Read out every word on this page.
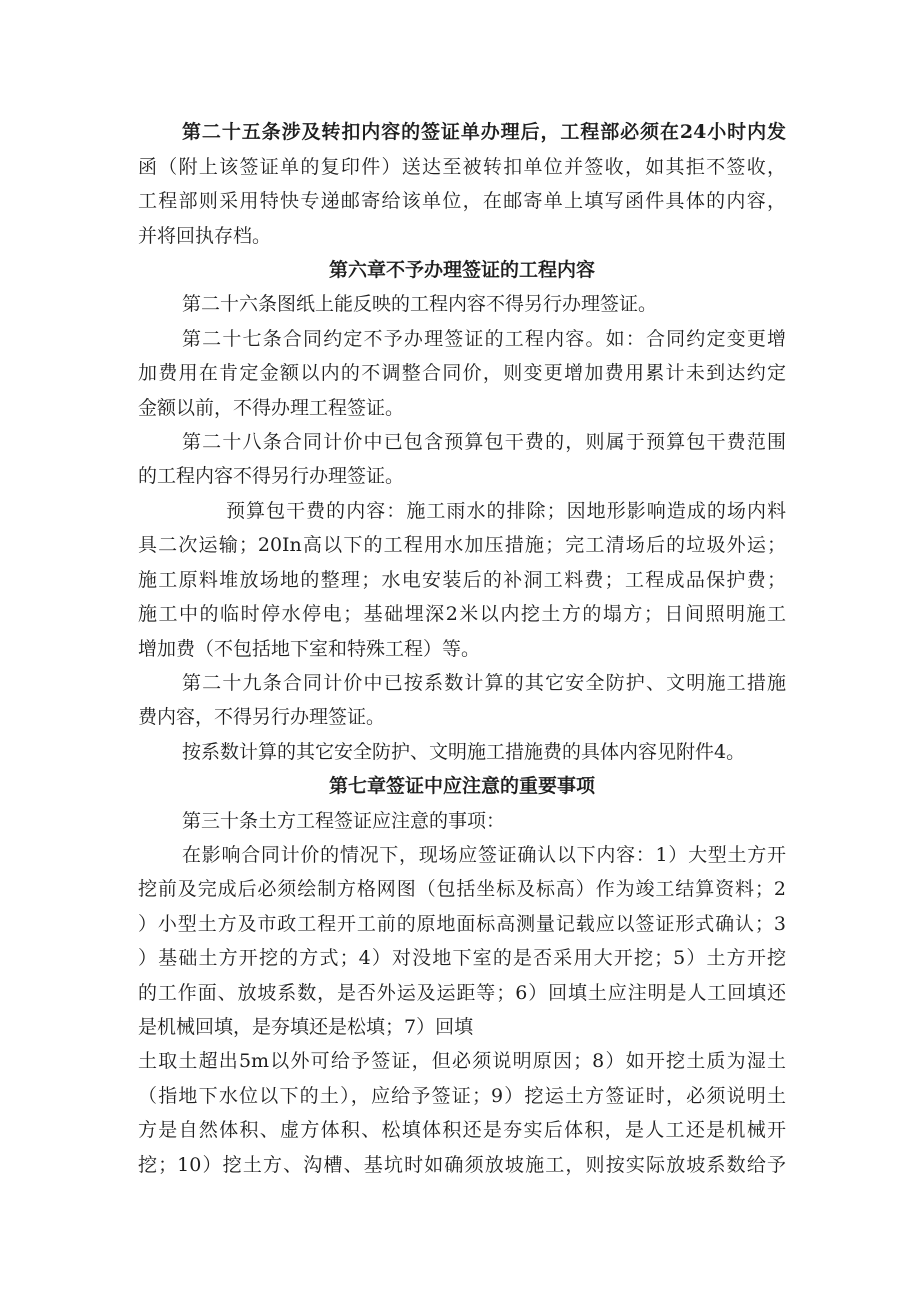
第二十五条涉及转扣内容的签证单办理后，工程部必须在24小时内发
函（附上该签证单的复印件）送达至被转扣单位并签收，如其拒不签收，
工程部则采用特快专递邮寄给该单位，在邮寄单上填写函件具体的内容，
并将回执存档。
第六章不予办理签证的工程内容
第二十六条图纸上能反映的工程内容不得另行办理签证。
第二十七条合同约定不予办理签证的工程内容。如：合同约定变更增
加费用在肯定金额以内的不调整合同价，则变更增加费用累计未到达约定
金额以前，不得办理工程签证。
第二十八条合同计价中已包含预算包干费的，则属于预算包干费范围
的工程内容不得另行办理签证。
预算包干费的内容：施工雨水的排除；因地形影响造成的场内料
具二次运输；20In高以下的工程用水加压措施；完工清场后的垃圾外运；
施工原料堆放场地的整理；水电安装后的补洞工料费；工程成品保护费；
施工中的临时停水停电；基础埋深2米以内挖土方的塌方；日间照明施工
增加费（不包括地下室和特殊工程）等。
第二十九条合同计价中已按系数计算的其它安全防护、文明施工措施
费内容，不得另行办理签证。
按系数计算的其它安全防护、文明施工措施费的具体内容见附件4。
第七章签证中应注意的重要事项
第三十条土方工程签证应注意的事项：
在影响合同计价的情况下，现场应签证确认以下内容：1）大型土方开
挖前及完成后必须绘制方格网图（包括坐标及标高）作为竣工结算资料；2
）小型土方及市政工程开工前的原地面标高测量记载应以签证形式确认；3
）基础土方开挖的方式；4）对没地下室的是否采用大开挖；5）土方开挖
的工作面、放坡系数，是否外运及运距等；6）回填土应注明是人工回填还
是机械回填，是夯填还是松填；7）回填
土取土超出5m以外可给予签证，但必须说明原因；8）如开挖土质为湿土
（指地下水位以下的土），应给予签证；9）挖运土方签证时，必须说明土
方是自然体积、虚方体积、松填体积还是夯实后体积，是人工还是机械开
挖；10）挖土方、沟槽、基坑时如确须放坡施工，则按实际放坡系数给予
